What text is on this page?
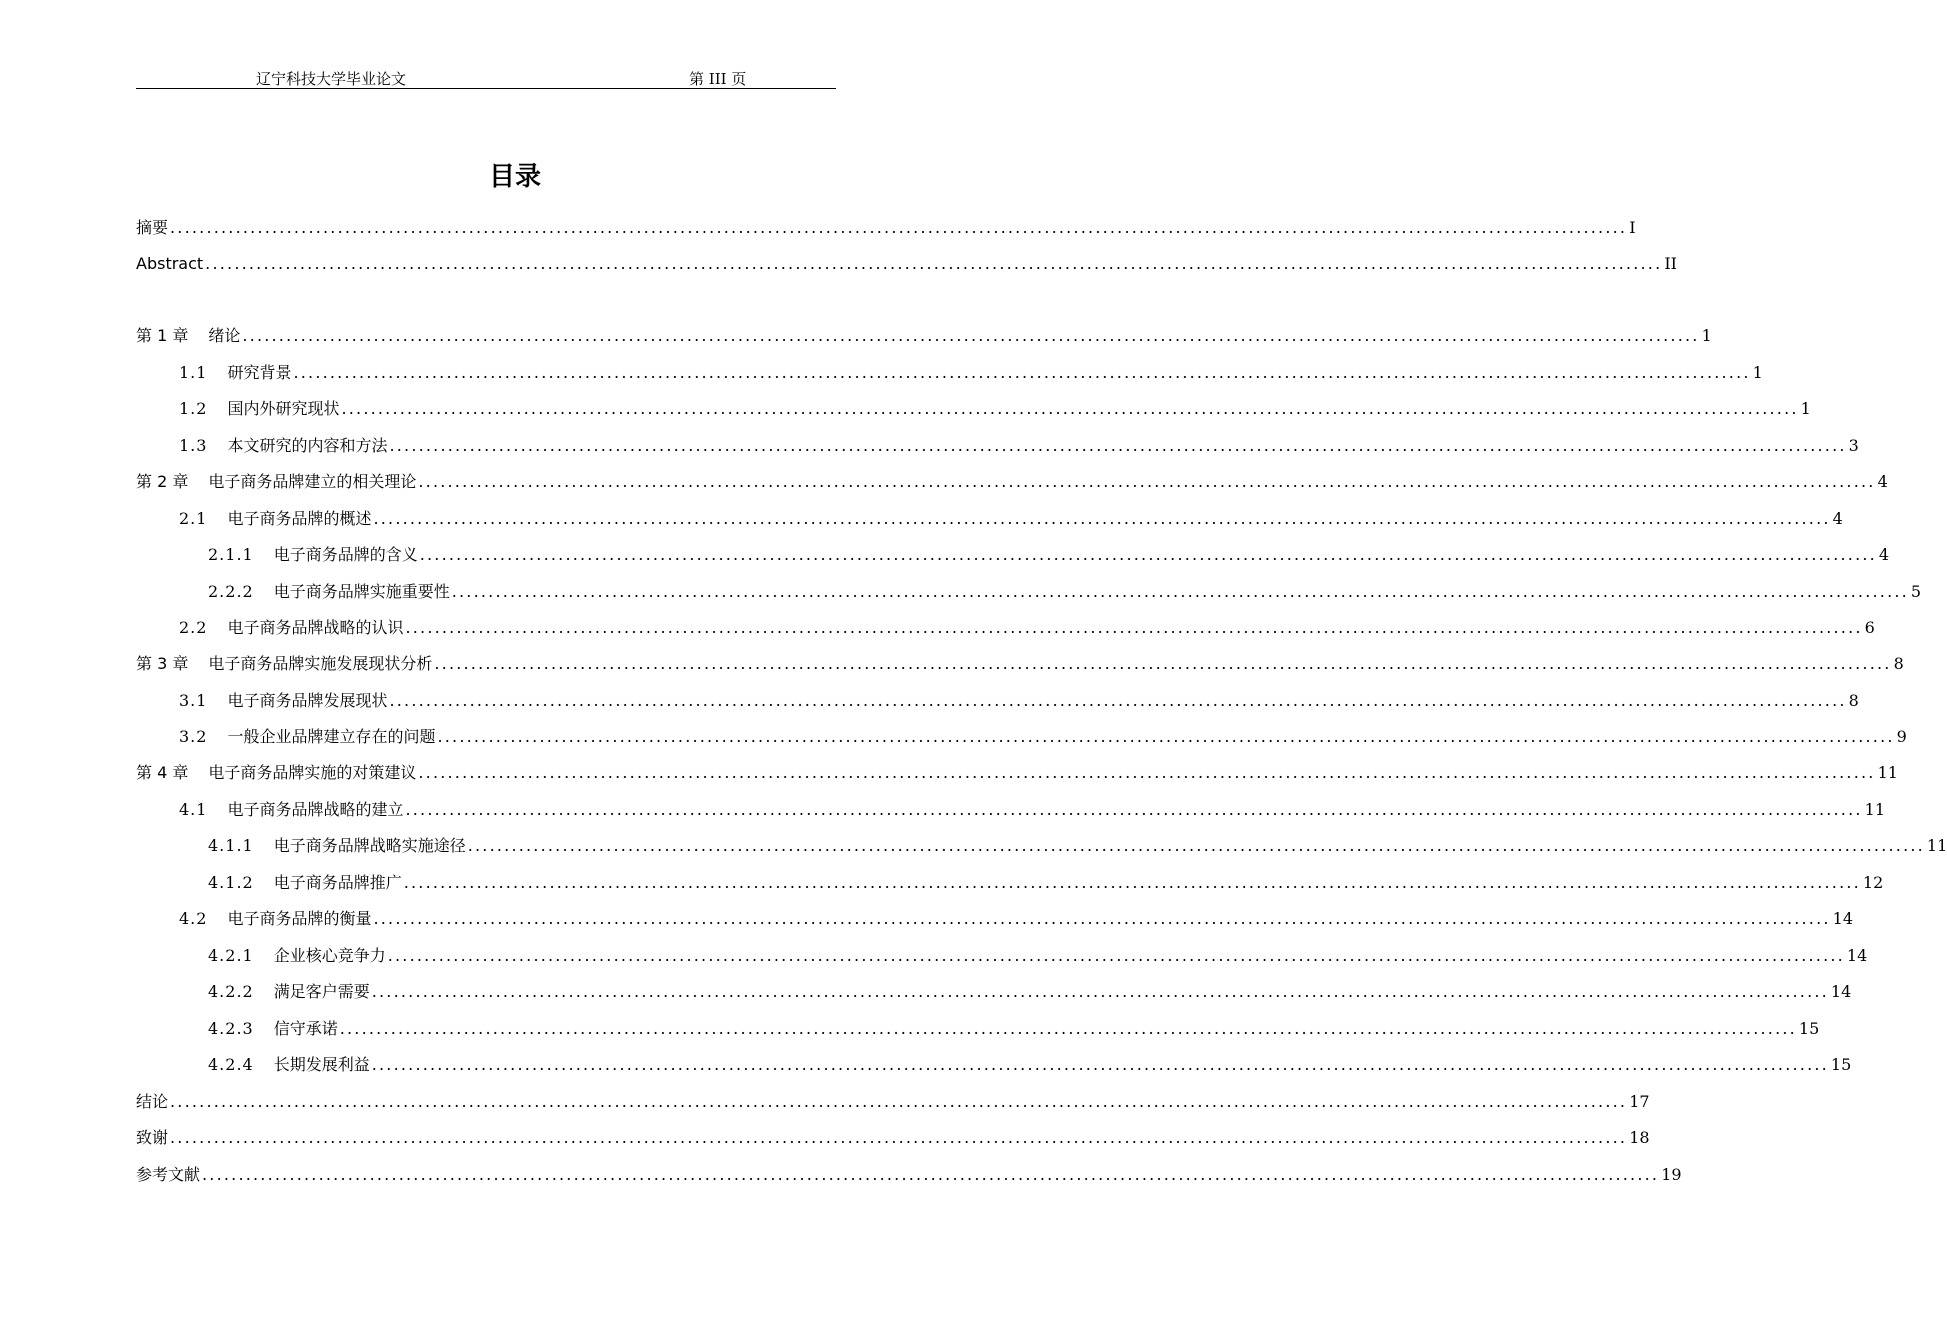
辽宁科技大学毕业论文	第 III 页
目录
摘要 ........................................................................................................................................................................................................ I
Abstract ........................................................................................................................................................................................................ II
第 1 章 绪论 ........................................................................................................................................................................................................ 1
1.1 研究背景 ........................................................................................................................................................................................................ 1
1.2 国内外研究现状 ........................................................................................................................................................................................................ 1
1.3 本文研究的内容和方法 ........................................................................................................................................................................................................ 3
第 2 章 电子商务品牌建立的相关理论 ........................................................................................................................................................................................................ 4
2.1 电子商务品牌的概述 ........................................................................................................................................................................................................ 4
2.1.1 电子商务品牌的含义 ........................................................................................................................................................................................................ 4
2.2.2 电子商务品牌实施重要性 ........................................................................................................................................................................................................ 5
2.2 电子商务品牌战略的认识 ........................................................................................................................................................................................................ 6
第 3 章 电子商务品牌实施发展现状分析 ........................................................................................................................................................................................................ 8
3.1 电子商务品牌发展现状 ........................................................................................................................................................................................................ 8
3.2 一般企业品牌建立存在的问题 ........................................................................................................................................................................................................ 9
第 4 章 电子商务品牌实施的对策建议 ........................................................................................................................................................................................................ 11
4.1 电子商务品牌战略的建立 ........................................................................................................................................................................................................ 11
4.1.1 电子商务品牌战略实施途径 ........................................................................................................................................................................................................ 11
4.1.2 电子商务品牌推广 ........................................................................................................................................................................................................ 12
4.2 电子商务品牌的衡量 ........................................................................................................................................................................................................ 14
4.2.1 企业核心竞争力 ........................................................................................................................................................................................................ 14
4.2.2 满足客户需要 ........................................................................................................................................................................................................ 14
4.2.3 信守承诺 ........................................................................................................................................................................................................ 15
4.2.4 长期发展利益 ........................................................................................................................................................................................................ 15
结论 ........................................................................................................................................................................................................ 17
致谢 ........................................................................................................................................................................................................ 18
参考文献 ........................................................................................................................................................................................................ 19
